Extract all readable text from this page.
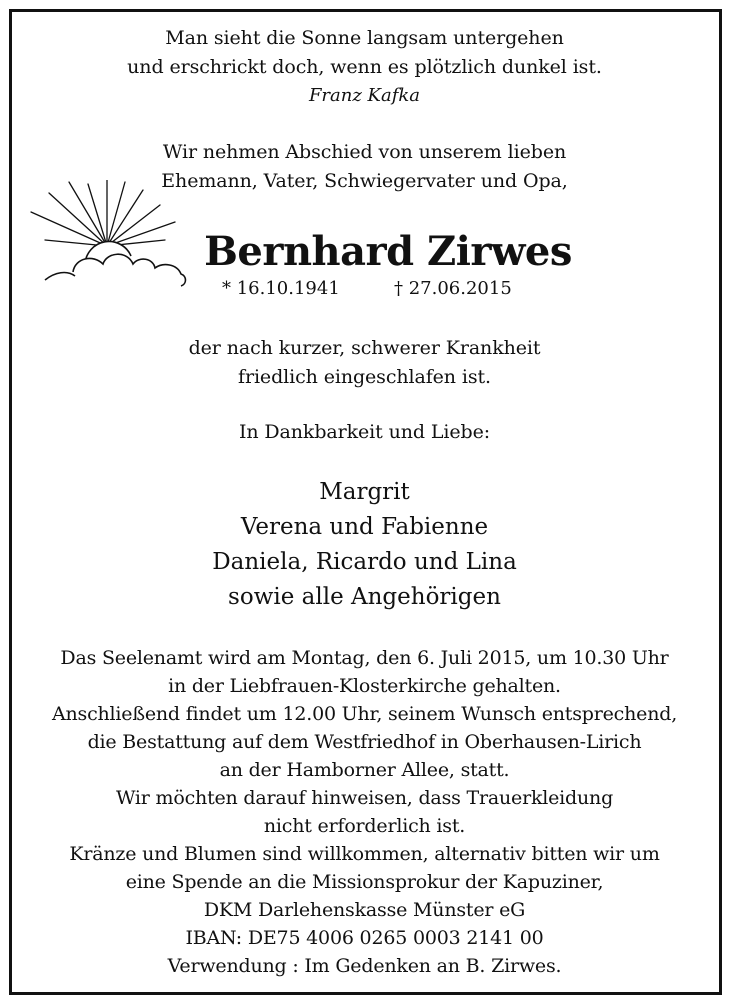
Man sieht die Sonne langsam untergehen
und erschrickt doch, wenn es plötzlich dunkel ist.
Franz Kafka
Wir nehmen Abschied von unserem lieben
Ehemann, Vater, Schwiegervater und Opa,
Bernhard Zirwes
* 16.10.1941	† 27.06.2015
der nach kurzer, schwerer Krankheit
friedlich eingeschlafen ist.
In Dankbarkeit und Liebe:
Margrit
Verena und Fabienne
Daniela, Ricardo und Lina
sowie alle Angehörigen
Das Seelenamt wird am Montag, den 6. Juli 2015, um 10.30 Uhr
in der Liebfrauen-Klosterkirche gehalten.
Anschließend findet um 12.00 Uhr, seinem Wunsch entsprechend,
die Bestattung auf dem Westfriedhof in Oberhausen-Lirich
an der Hamborner Allee, statt.
Wir möchten darauf hinweisen, dass Trauerkleidung
nicht erforderlich ist.
Kränze und Blumen sind willkommen, alternativ bitten wir um
eine Spende an die Missionsprokur der Kapuziner,
DKM Darlehenskasse Münster eG
IBAN: DE75 4006 0265 0003 2141 00
Verwendung : Im Gedenken an B. Zirwes.
